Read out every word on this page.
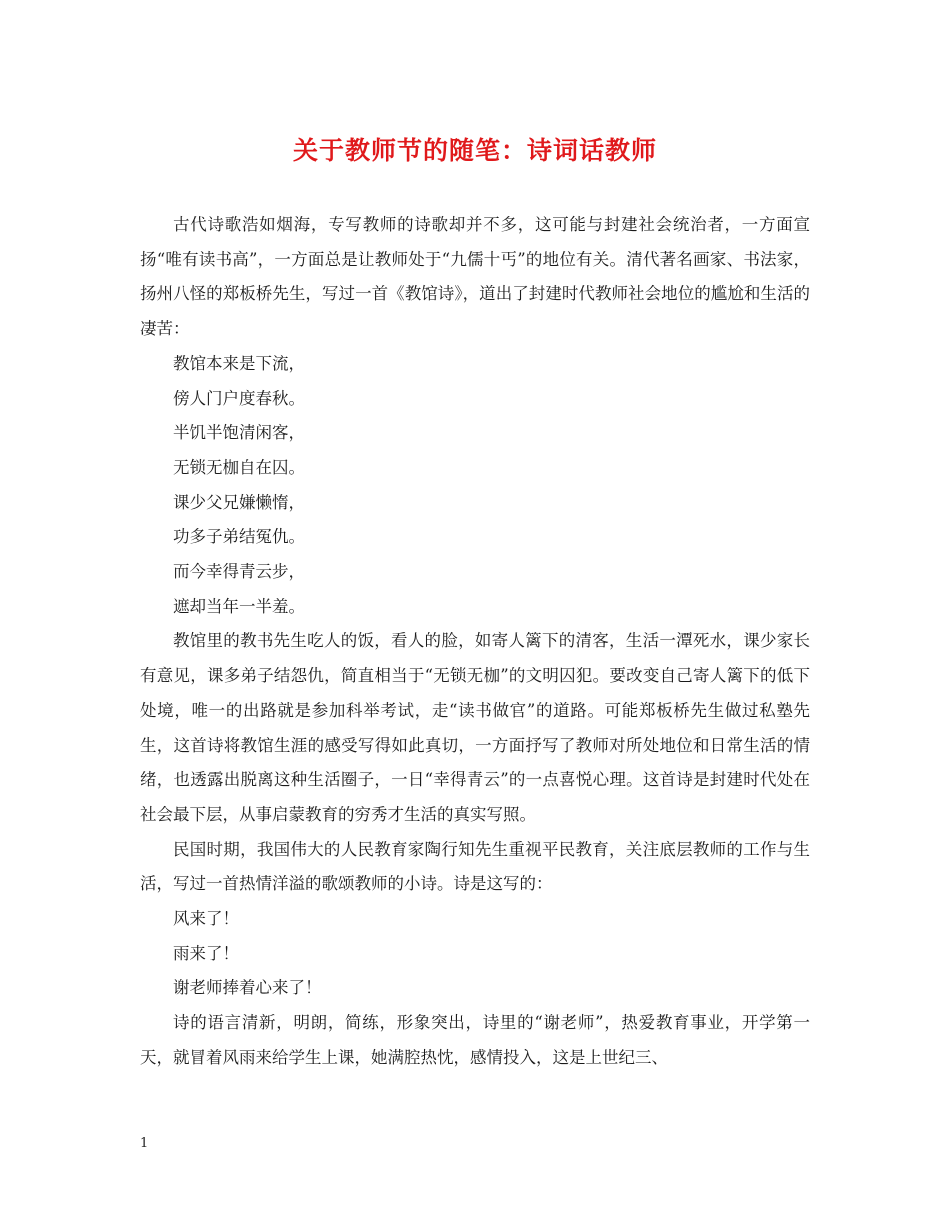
关于教师节的随笔：诗词话教师

古代诗歌浩如烟海，专写教师的诗歌却并不多，这可能与封建社会统治者，一方面宣扬“唯有读书高”，一方面总是让教师处于“九儒十丐”的地位有关。清代著名画家、书法家，扬州八怪的郑板桥先生，写过一首《教馆诗》，道出了封建时代教师社会地位的尴尬和生活的凄苦：

教馆本来是下流，
傍人门户度春秋。
半饥半饱清闲客，
无锁无枷自在囚。
课少父兄嫌懒惰，
功多子弟结冤仇。
而今幸得青云步，
遮却当年一半羞。

教馆里的教书先生吃人的饭，看人的脸，如寄人篱下的清客，生活一潭死水，课少家长有意见，课多弟子结怨仇，简直相当于“无锁无枷”的文明囚犯。要改变自己寄人篱下的低下处境，唯一的出路就是参加科举考试，走“读书做官”的道路。可能郑板桥先生做过私塾先生，这首诗将教馆生涯的感受写得如此真切，一方面抒写了教师对所处地位和日常生活的情绪，也透露出脱离这种生活圈子，一日“幸得青云”的一点喜悦心理。这首诗是封建时代处在社会最下层，从事启蒙教育的穷秀才生活的真实写照。

民国时期，我国伟大的人民教育家陶行知先生重视平民教育，关注底层教师的工作与生活，写过一首热情洋溢的歌颂教师的小诗。诗是这写的：

风来了！
雨来了！
谢老师捧着心来了！

诗的语言清新，明朗，简练，形象突出，诗里的“谢老师”，热爱教育事业，开学第一天，就冒着风雨来给学生上课，她满腔热忱，感情投入，这是上世纪三、

1
